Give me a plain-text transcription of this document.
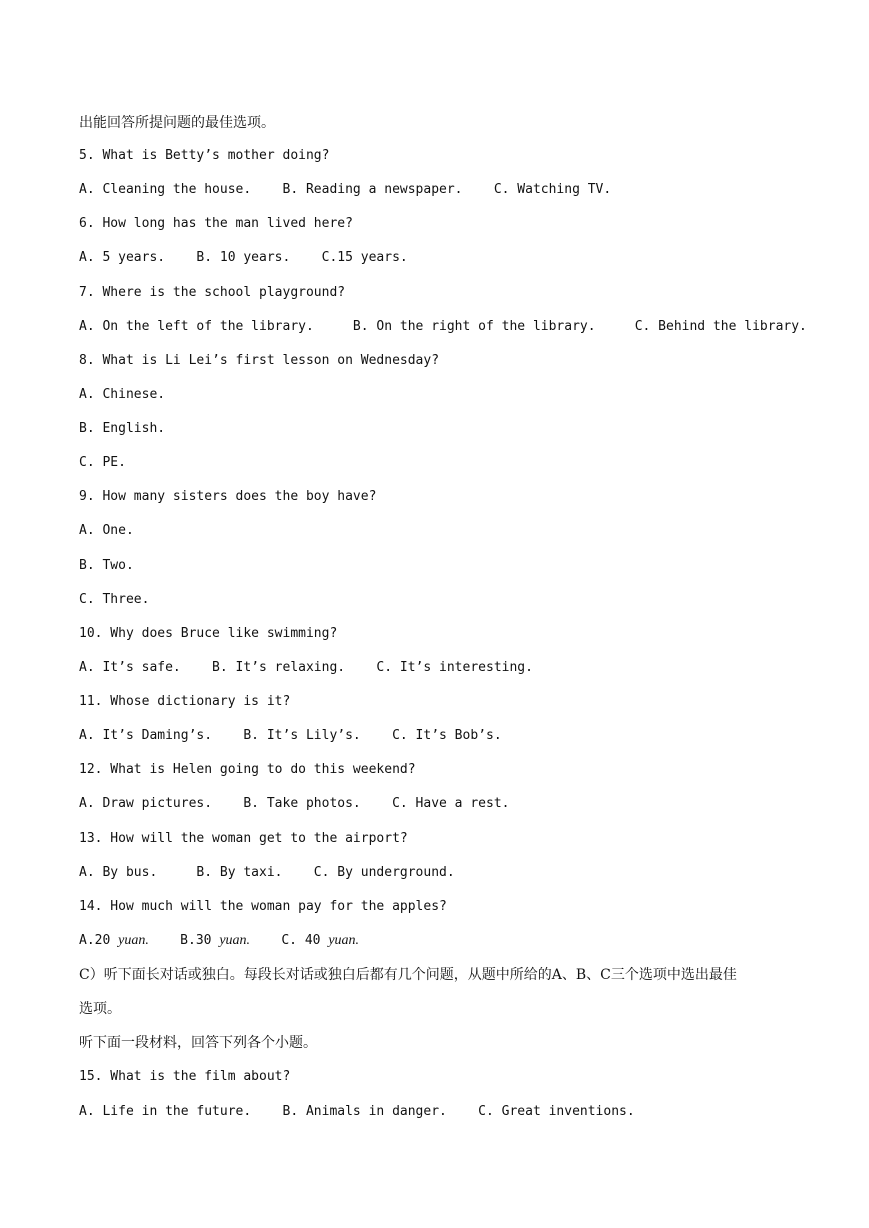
出能回答所提问题的最佳选项。
5. What is Betty’s mother doing?
A. Cleaning the house.    B. Reading a newspaper.    C. Watching TV.
6. How long has the man lived here?
A. 5 years.    B. 10 years.    C.15 years.
7. Where is the school playground?
A. On the left of the library.     B. On the right of the library.     C. Behind the library.
8. What is Li Lei’s first lesson on Wednesday?
A. Chinese.
B. English.
C. PE.
9. How many sisters does the boy have?
A. One.
B. Two.
C. Three.
10. Why does Bruce like swimming?
A. It’s safe.    B. It’s relaxing.    C. It’s interesting.
11. Whose dictionary is it?
A. It’s Daming’s.    B. It’s Lily’s.    C. It’s Bob’s.
12. What is Helen going to do this weekend?
A. Draw pictures.    B. Take photos.    C. Have a rest.
13. How will the woman get to the airport?
A. By bus.     B. By taxi.    C. By underground.
14. How much will the woman pay for the apples?
A.20 yuan. B.30 yuan. C. 40 yuan.
C）听下面长对话或独白。每段长对话或独白后都有几个问题，从题中所给的A、B、C三个选项中选出最佳
选项。
听下面一段材料，回答下列各个小题。
15. What is the film about?
A. Life in the future.    B. Animals in danger.    C. Great inventions.
